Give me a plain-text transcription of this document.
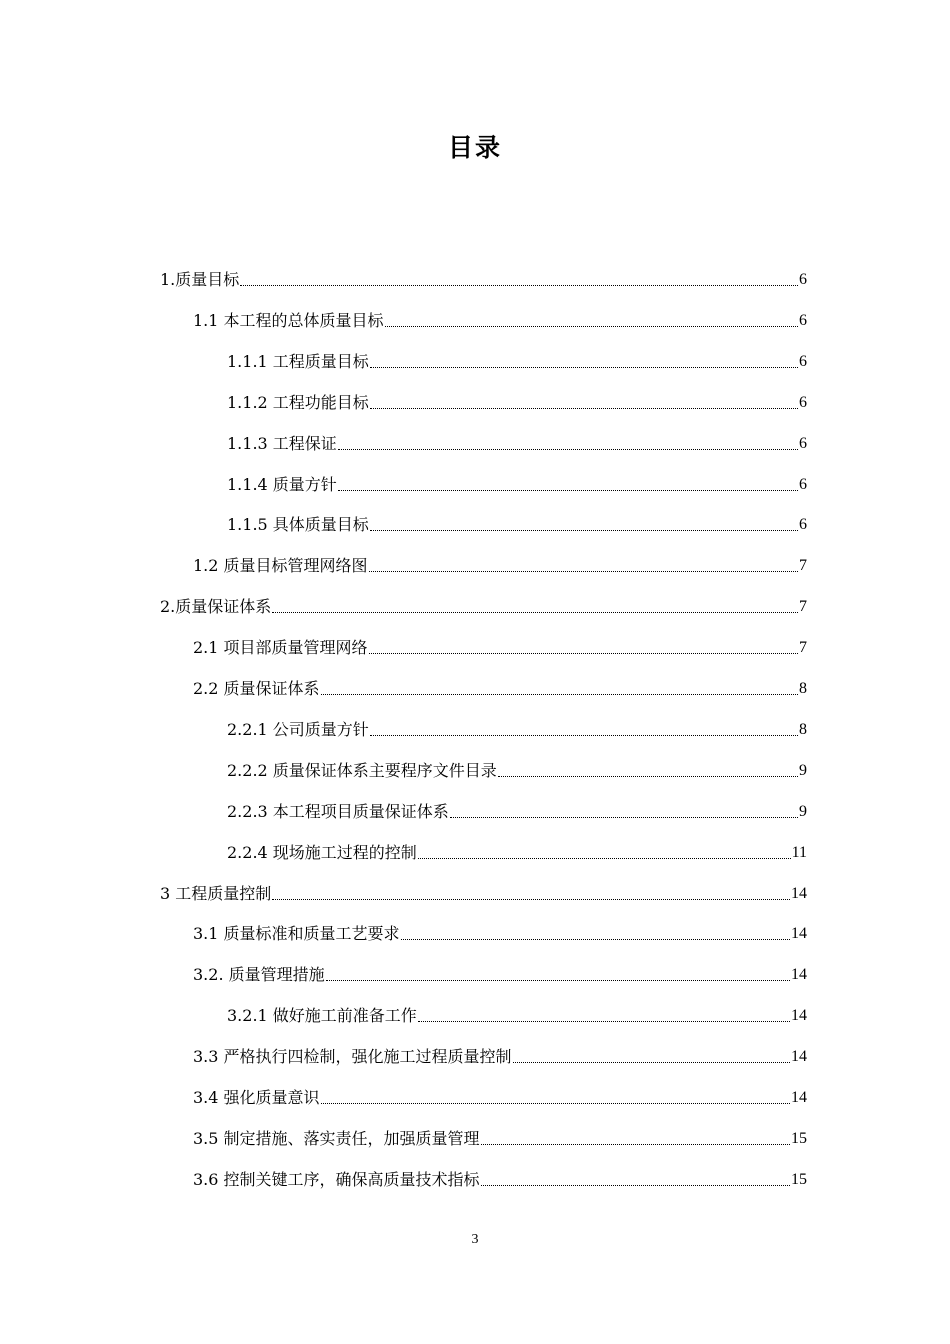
目录
1.质量目标	6
1.1 本工程的总体质量目标	6
1.1.1 工程质量目标	6
1.1.2 工程功能目标	6
1.1.3 工程保证	6
1.1.4 质量方针	6
1.1.5 具体质量目标	6
1.2 质量目标管理网络图	7
2.质量保证体系	7
2.1 项目部质量管理网络	7
2.2 质量保证体系	8
2.2.1 公司质量方针	8
2.2.2 质量保证体系主要程序文件目录	9
2.2.3 本工程项目质量保证体系	9
2.2.4 现场施工过程的控制	11
3 工程质量控制	14
3.1 质量标准和质量工艺要求	14
3.2. 质量管理措施	14
3.2.1 做好施工前准备工作	14
3.3 严格执行四检制，强化施工过程质量控制	14
3.4 强化质量意识	14
3.5 制定措施、落实责任，加强质量管理	15
3.6 控制关键工序，确保高质量技术指标	15
3
